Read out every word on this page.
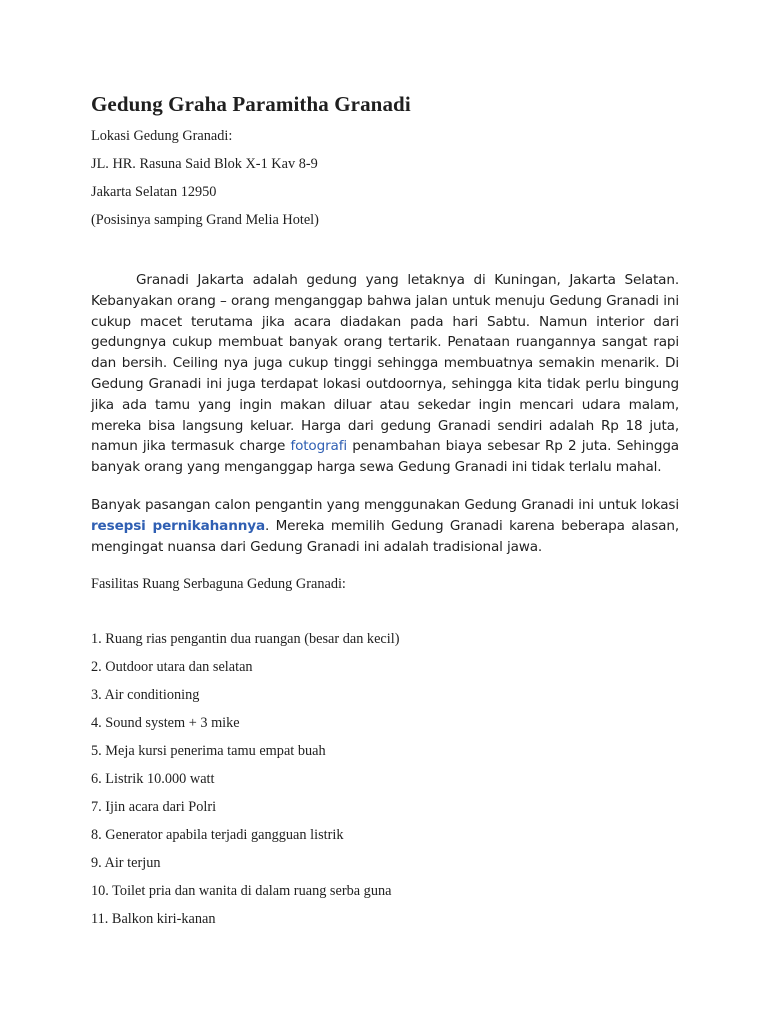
Gedung Graha Paramitha Granadi

Lokasi Gedung Granadi:

JL. HR. Rasuna Said Blok X-1 Kav 8-9

Jakarta Selatan 12950

(Posisinya samping Grand Melia Hotel)

Granadi Jakarta adalah gedung yang letaknya di Kuningan, Jakarta Selatan. Kebanyakan orang – orang menganggap bahwa jalan untuk menuju Gedung Granadi ini cukup macet terutama jika acara diadakan pada hari Sabtu. Namun interior dari gedungnya cukup membuat banyak orang tertarik. Penataan ruangannya sangat rapi dan bersih. Ceiling nya juga cukup tinggi sehingga membuatnya semakin menarik. Di Gedung Granadi ini juga terdapat lokasi outdoornya, sehingga kita tidak perlu bingung jika ada tamu yang ingin makan diluar atau sekedar ingin mencari udara malam, mereka bisa langsung keluar. Harga dari gedung Granadi sendiri adalah Rp 18 juta, namun jika termasuk charge fotografi penambahan biaya sebesar Rp 2 juta. Sehingga banyak orang yang menganggap harga sewa Gedung Granadi ini tidak terlalu mahal.

Banyak pasangan calon pengantin yang menggunakan Gedung Granadi ini untuk lokasi resepsi pernikahannya. Mereka memilih Gedung Granadi karena beberapa alasan, mengingat nuansa dari Gedung Granadi ini adalah tradisional jawa.

Fasilitas Ruang Serbaguna Gedung Granadi:

1. Ruang rias pengantin dua ruangan (besar dan kecil)

2. Outdoor utara dan selatan

3. Air conditioning

4. Sound system + 3 mike

5. Meja kursi penerima tamu empat buah

6. Listrik 10.000 watt

7. Ijin acara dari Polri

8. Generator apabila terjadi gangguan listrik

9. Air terjun

10. Toilet pria dan wanita di dalam ruang serba guna

11. Balkon kiri-kanan
